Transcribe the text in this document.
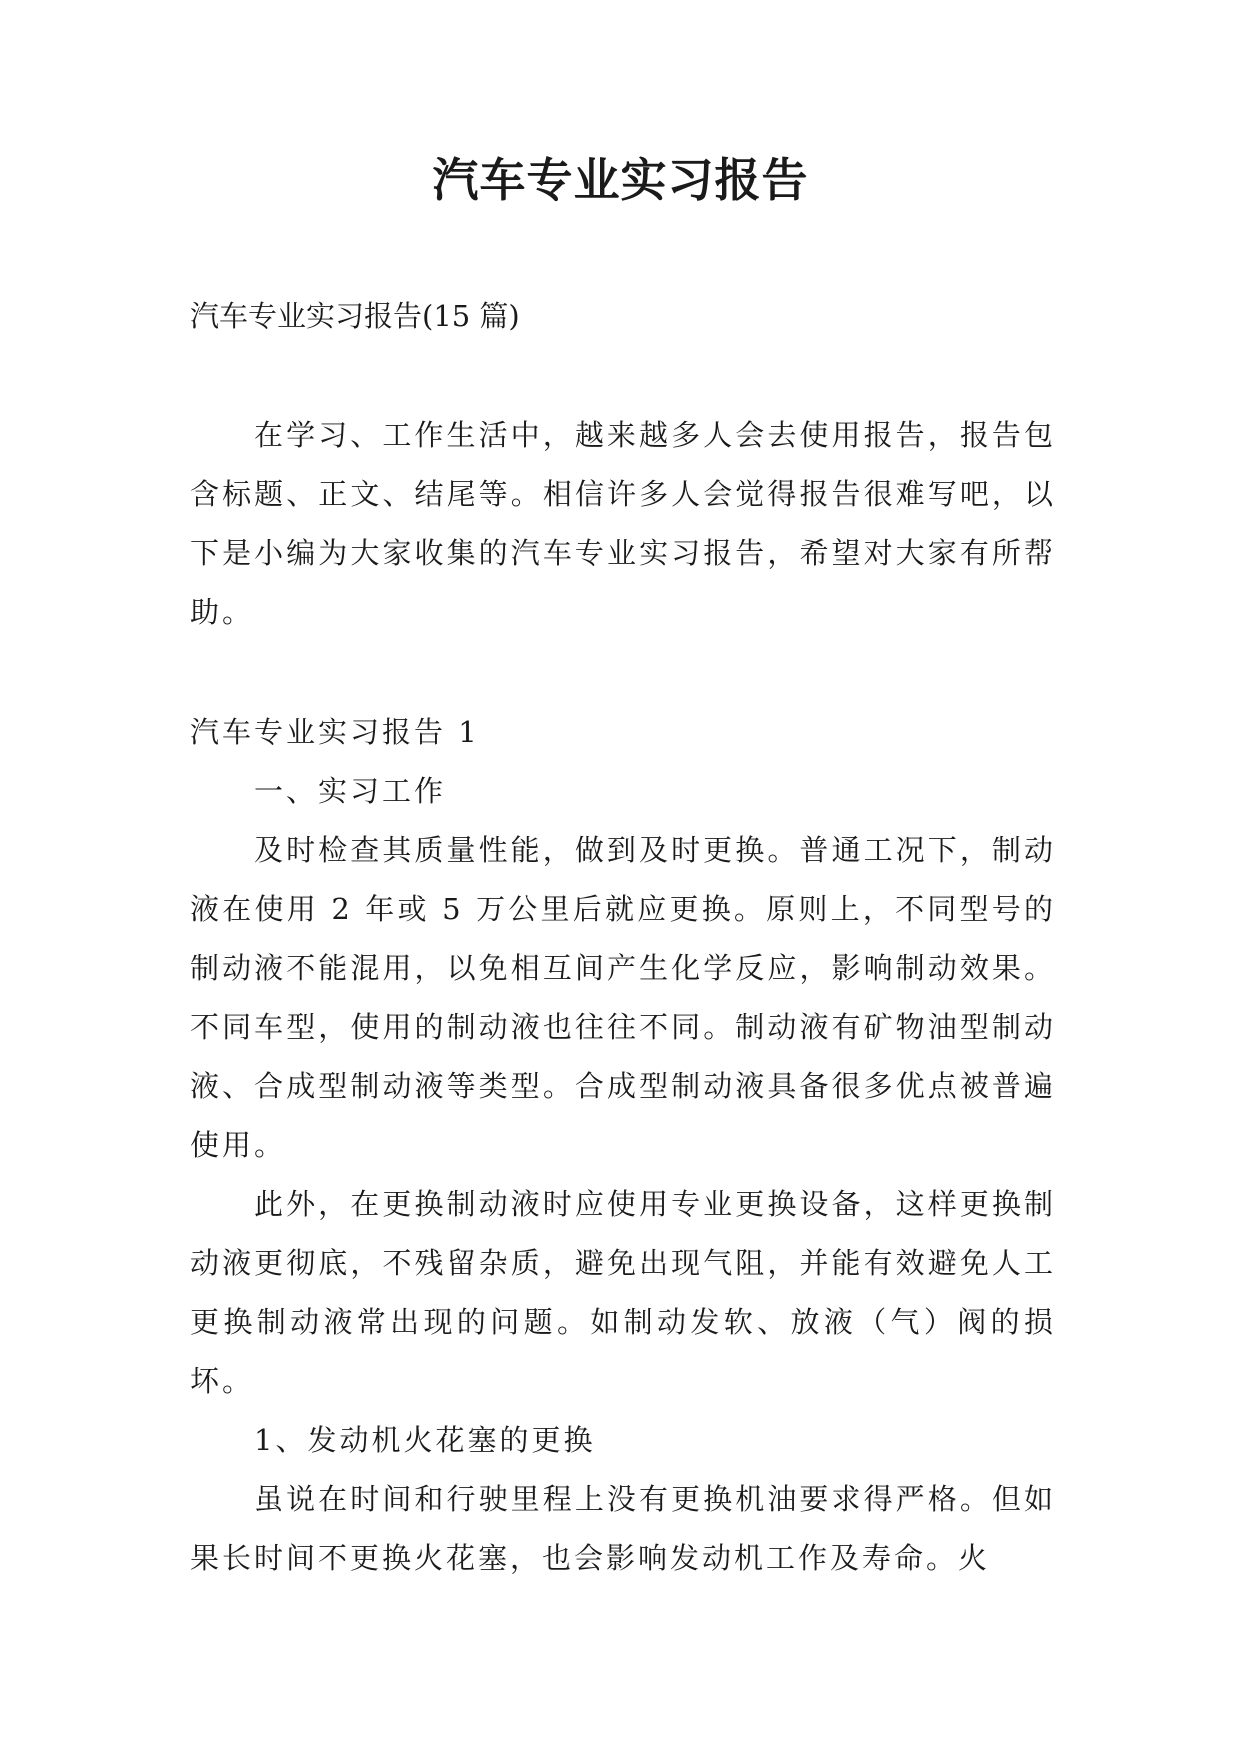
汽车专业实习报告
汽车专业实习报告(15 篇)

在学习、工作生活中，越来越多人会去使用报告，报告包含标题、正文、结尾等。相信许多人会觉得报告很难写吧，以下是小编为大家收集的汽车专业实习报告，希望对大家有所帮助。

汽车专业实习报告 1

一、实习工作

及时检查其质量性能，做到及时更换。普通工况下，制动液在使用 2 年或 5 万公里后就应更换。原则上，不同型号的制动液不能混用，以免相互间产生化学反应，影响制动效果。不同车型，使用的制动液也往往不同。制动液有矿物油型制动液、合成型制动液等类型。合成型制动液具备很多优点被普遍使用。

此外，在更换制动液时应使用专业更换设备，这样更换制动液更彻底，不残留杂质，避免出现气阻，并能有效避免人工更换制动液常出现的问题。如制动发软、放液（气）阀的损坏。

1、发动机火花塞的更换

虽说在时间和行驶里程上没有更换机油要求得严格。但如果长时间不更换火花塞，也会影响发动机工作及寿命。火
